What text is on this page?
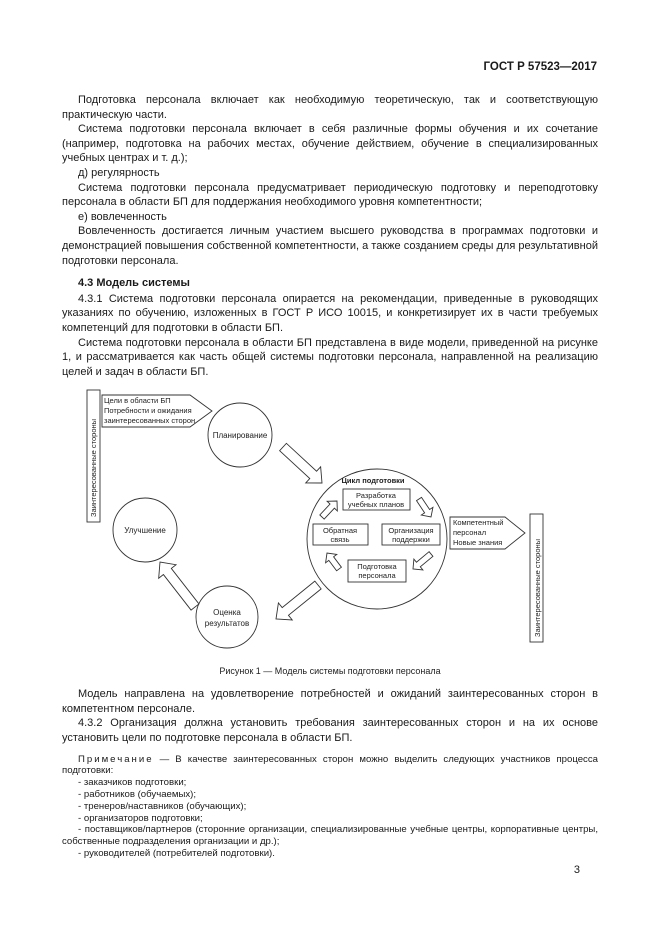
ГОСТ Р 57523—2017

Подготовка персонала включает как необходимую теоретическую, так и соответствующую практическую части.

Система подготовки персонала включает в себя различные формы обучения и их сочетание (например, подготовка на рабочих местах, обучение действием, обучение в специализированных учебных центрах и т. д.);

д) регулярность

Система подготовки персонала предусматривает периодическую подготовку и переподготовку персонала в области БП для поддержания необходимого уровня компетентности;

е) вовлеченность

Вовлеченность достигается личным участием высшего руководства в программах подготовки и демонстрацией повышения собственной компетентности, а также созданием среды для результативной подготовки персонала.

4.3 Модель системы

4.3.1 Система подготовки персонала опирается на рекомендации, приведенные в руководящих указаниях по обучению, изложенных в ГОСТ Р ИСО 10015, и конкретизирует их в части требуемых компетенций для подготовки в области БП.

Система подготовки персонала в области БП представлена в виде модели, приведенной на рисунке 1, и рассматривается как часть общей системы подготовки персонала, направленной на реализацию целей и задач в области БП.

Заинтересованные стороны
Цели в области БП
Потребности и ожидания
заинтересованных сторон
Планирование
Цикл подготовки
Разработка
учебных планов
Обратная
связь
Организация
поддержки
Подготовка
персонала
Улучшение
Оценка
результатов
Компетентный
персонал
Новые знания	Заинтересованные стороны
Рисунок 1 — Модель системы подготовки персонала

Модель направлена на удовлетворение потребностей и ожиданий заинтересованных сторон в компетентном персонале.

4.3.2 Организация должна установить требования заинтересованных сторон и на их основе установить цели по подготовке персонала в области БП.

Примечание — В качестве заинтересованных сторон можно выделить следующих участников процесса подготовки:
- заказчиков подготовки;
- работников (обучаемых);
- тренеров/наставников (обучающих);
- организаторов подготовки;
- поставщиков/партнеров (сторонние организации, специализированные учебные центры, корпоративные центры, собственные подразделения организации и др.);
- руководителей (потребителей подготовки).
3
